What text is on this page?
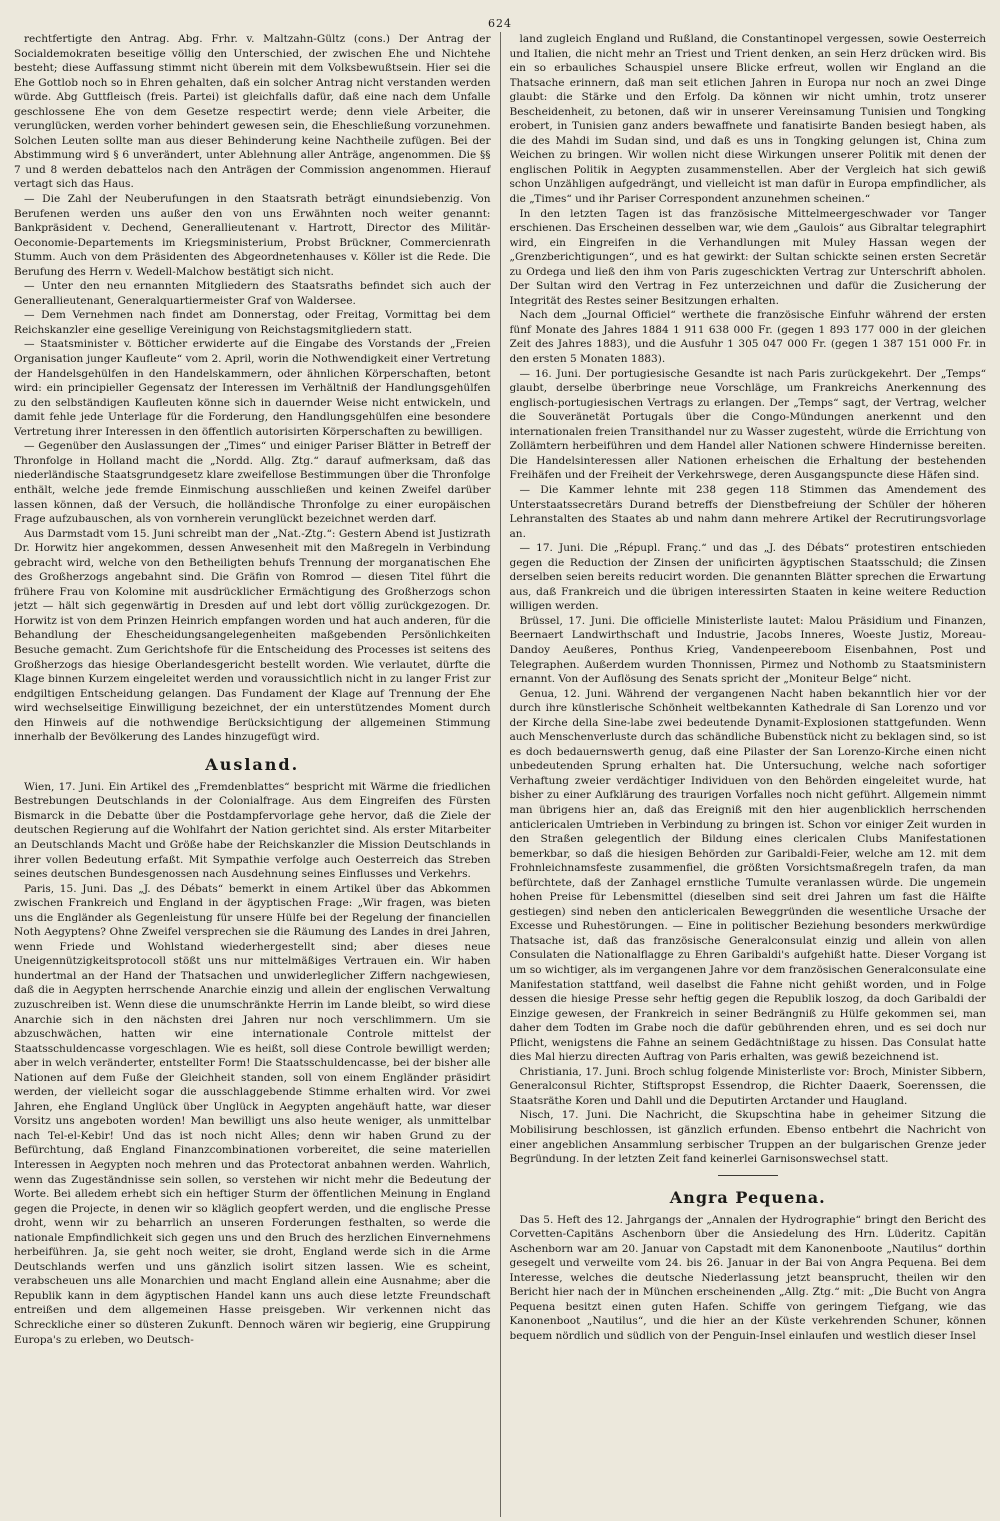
624

rechtfertigte den Antrag. Abg. Frhr. v. Maltzahn-Gültz (cons.) Der Antrag der Socialdemokraten beseitige völlig den Unterschied, der zwischen Ehe und Nichtehe besteht; diese Auffassung stimmt nicht überein mit dem Volksbewußtsein. Hier sei die Ehe Gottlob noch so in Ehren gehalten, daß ein solcher Antrag nicht verstanden werden würde. Abg Guttfleisch (freis. Partei) ist gleichfalls dafür, daß eine nach dem Unfalle geschlossene Ehe von dem Gesetze respectirt werde; denn viele Arbeiter, die verunglücken, werden vorher behindert gewesen sein, die Eheschließung vorzunehmen. Solchen Leuten sollte man aus dieser Behinderung keine Nachtheile zufügen. Bei der Abstimmung wird § 6 unverändert, unter Ablehnung aller Anträge, angenommen. Die §§ 7 und 8 werden debattelos nach den Anträgen der Commission angenommen. Hierauf vertagt sich das Haus.

— Die Zahl der Neuberufungen in den Staatsrath beträgt einundsiebenzig. Von Berufenen werden uns außer den von uns Erwähnten noch weiter genannt: Bankpräsident v. Dechend, Generallieutenant v. Hartrott, Director des Militär-Oeconomie-Departements im Kriegsministerium, Probst Brückner, Commercienrath Stumm. Auch von dem Präsidenten des Abgeordnetenhauses v. Köller ist die Rede. Die Berufung des Herrn v. Wedell-Malchow bestätigt sich nicht.

— Unter den neu ernannten Mitgliedern des Staatsraths befindet sich auch der Generallieutenant, Generalquartiermeister Graf von Waldersee.

— Dem Vernehmen nach findet am Donnerstag, oder Freitag, Vormittag bei dem Reichskanzler eine gesellige Vereinigung von Reichstagsmitgliedern statt.

— Staatsminister v. Bötticher erwiderte auf die Eingabe des Vorstands der „Freien Organisation junger Kaufleute“ vom 2. April, worin die Nothwendigkeit einer Vertretung der Handelsgehülfen in den Handelskammern, oder ähnlichen Körperschaften, betont wird: ein principieller Gegensatz der Interessen im Verhältniß der Handlungsgehülfen zu den selbständigen Kaufleuten könne sich in dauernder Weise nicht entwickeln, und damit fehle jede Unterlage für die Forderung, den Handlungsgehülfen eine besondere Vertretung ihrer Interessen in den öffentlich autorisirten Körperschaften zu bewilligen.

— Gegenüber den Auslassungen der „Times“ und einiger Pariser Blätter in Betreff der Thronfolge in Holland macht die „Nordd. Allg. Ztg.“ darauf aufmerksam, daß das niederländische Staatsgrundgesetz klare zweifellose Bestimmungen über die Thronfolge enthält, welche jede fremde Einmischung ausschließen und keinen Zweifel darüber lassen können, daß der Versuch, die holländische Thronfolge zu einer europäischen Frage aufzubauschen, als von vornherein verunglückt bezeichnet werden darf.

Aus Darmstadt vom 15. Juni schreibt man der „Nat.-Ztg.“: Gestern Abend ist Justizrath Dr. Horwitz hier angekommen, dessen Anwesenheit mit den Maßregeln in Verbindung gebracht wird, welche von den Betheiligten behufs Trennung der morganatischen Ehe des Großherzogs angebahnt sind. Die Gräfin von Romrod — diesen Titel führt die frühere Frau von Kolomine mit ausdrücklicher Ermächtigung des Großherzogs schon jetzt — hält sich gegenwärtig in Dresden auf und lebt dort völlig zurückgezogen. Dr. Horwitz ist von dem Prinzen Heinrich empfangen worden und hat auch anderen, für die Behandlung der Ehescheidungsangelegenheiten maßgebenden Persönlichkeiten Besuche gemacht. Zum Gerichtshofe für die Entscheidung des Processes ist seitens des Großherzogs das hiesige Oberlandesgericht bestellt worden. Wie verlautet, dürfte die Klage binnen Kurzem eingeleitet werden und voraussichtlich nicht in zu langer Frist zur endgiltigen Entscheidung gelangen. Das Fundament der Klage auf Trennung der Ehe wird wechselseitige Einwilligung bezeichnet, der ein unterstützendes Moment durch den Hinweis auf die nothwendige Berücksichtigung der allgemeinen Stimmung innerhalb der Bevölkerung des Landes hinzugefügt wird.

Ausland.

Wien, 17. Juni. Ein Artikel des „Fremdenblattes“ bespricht mit Wärme die friedlichen Bestrebungen Deutschlands in der Colonialfrage. Aus dem Eingreifen des Fürsten Bismarck in die Debatte über die Postdampfervorlage gehe hervor, daß die Ziele der deutschen Regierung auf die Wohlfahrt der Nation gerichtet sind. Als erster Mitarbeiter an Deutschlands Macht und Größe habe der Reichskanzler die Mission Deutschlands in ihrer vollen Bedeutung erfaßt. Mit Sympathie verfolge auch Oesterreich das Streben seines deutschen Bundesgenossen nach Ausdehnung seines Einflusses und Verkehrs.

Paris, 15. Juni. Das „J. des Débats“ bemerkt in einem Artikel über das Abkommen zwischen Frankreich und England in der ägyptischen Frage: „Wir fragen, was bieten uns die Engländer als Gegenleistung für unsere Hülfe bei der Regelung der financiellen Noth Aegyptens? Ohne Zweifel versprechen sie die Räumung des Landes in drei Jahren, wenn Friede und Wohlstand wiederhergestellt sind; aber dieses neue Uneigennützigkeitsprotocoll stößt uns nur mittelmäßiges Vertrauen ein. Wir haben hundertmal an der Hand der Thatsachen und unwiderleglicher Ziffern nachgewiesen, daß die in Aegypten herrschende Anarchie einzig und allein der englischen Verwaltung zuzuschreiben ist. Wenn diese die unumschränkte Herrin im Lande bleibt, so wird diese Anarchie sich in den nächsten drei Jahren nur noch verschlimmern. Um sie abzuschwächen, hatten wir eine internationale Controle mittelst der Staatsschuldencasse vorgeschlagen. Wie es heißt, soll diese Controle bewilligt werden; aber in welch veränderter, entstellter Form! Die Staatsschuldencasse, bei der bisher alle Nationen auf dem Fuße der Gleichheit standen, soll von einem Engländer präsidirt werden, der vielleicht sogar die ausschlaggebende Stimme erhalten wird. Vor zwei Jahren, ehe England Unglück über Unglück in Aegypten angehäuft hatte, war dieser Vorsitz uns angeboten worden! Man bewilligt uns also heute weniger, als unmittelbar nach Tel-el-Kebir! Und das ist noch nicht Alles; denn wir haben Grund zu der Befürchtung, daß England Finanzcombinationen vorbereitet, die seine materiellen Interessen in Aegypten noch mehren und das Protectorat anbahnen werden. Wahrlich, wenn das Zugeständnisse sein sollen, so verstehen wir nicht mehr die Bedeutung der Worte. Bei alledem erhebt sich ein heftiger Sturm der öffentlichen Meinung in England gegen die Projecte, in denen wir so kläglich geopfert werden, und die englische Presse droht, wenn wir zu beharrlich an unseren Forderungen festhalten, so werde die nationale Empfindlichkeit sich gegen uns und den Bruch des herzlichen Einvernehmens herbeiführen. Ja, sie geht noch weiter, sie droht, England werde sich in die Arme Deutschlands werfen und uns gänzlich isolirt sitzen lassen. Wie es scheint, verabscheuen uns alle Monarchien und macht England allein eine Ausnahme; aber die Republik kann in dem ägyptischen Handel kann uns auch diese letzte Freundschaft entreißen und dem allgemeinen Hasse preisgeben. Wir verkennen nicht das Schreckliche einer so düsteren Zukunft. Dennoch wären wir begierig, eine Gruppirung Europa's zu erleben, wo Deutsch-

land zugleich England und Rußland, die Constantinopel vergessen, sowie Oesterreich und Italien, die nicht mehr an Triest und Trient denken, an sein Herz drücken wird. Bis ein so erbauliches Schauspiel unsere Blicke erfreut, wollen wir England an die Thatsache erinnern, daß man seit etlichen Jahren in Europa nur noch an zwei Dinge glaubt: die Stärke und den Erfolg. Da können wir nicht umhin, trotz unserer Bescheidenheit, zu betonen, daß wir in unserer Vereinsamung Tunisien und Tongking erobert, in Tunisien ganz anders bewaffnete und fanatisirte Banden besiegt haben, als die des Mahdi im Sudan sind, und daß es uns in Tongking gelungen ist, China zum Weichen zu bringen. Wir wollen nicht diese Wirkungen unserer Politik mit denen der englischen Politik in Aegypten zusammenstellen. Aber der Vergleich hat sich gewiß schon Unzähligen aufgedrängt, und vielleicht ist man dafür in Europa empfindlicher, als die „Times“ und ihr Pariser Correspondent anzunehmen scheinen.“

In den letzten Tagen ist das französische Mittelmeergeschwader vor Tanger erschienen. Das Erscheinen desselben war, wie dem „Gaulois“ aus Gibraltar telegraphirt wird, ein Eingreifen in die Verhandlungen mit Muley Hassan wegen der „Grenzberichtigungen“, und es hat gewirkt: der Sultan schickte seinen ersten Secretär zu Ordega und ließ den ihm von Paris zugeschickten Vertrag zur Unterschrift abholen. Der Sultan wird den Vertrag in Fez unterzeichnen und dafür die Zusicherung der Integrität des Restes seiner Besitzungen erhalten.

Nach dem „Journal Officiel“ werthete die französische Einfuhr während der ersten fünf Monate des Jahres 1884 1 911 638 000 Fr. (gegen 1 893 177 000 in der gleichen Zeit des Jahres 1883), und die Ausfuhr 1 305 047 000 Fr. (gegen 1 387 151 000 Fr. in den ersten 5 Monaten 1883).

— 16. Juni. Der portugiesische Gesandte ist nach Paris zurückgekehrt. Der „Temps“ glaubt, derselbe überbringe neue Vorschläge, um Frankreichs Anerkennung des englisch-portugiesischen Vertrags zu erlangen. Der „Temps“ sagt, der Vertrag, welcher die Souveränetät Portugals über die Congo-Mündungen anerkennt und den internationalen freien Transithandel nur zu Wasser zugesteht, würde die Errichtung von Zollämtern herbeiführen und dem Handel aller Nationen schwere Hindernisse bereiten. Die Handelsinteressen aller Nationen erheischen die Erhaltung der bestehenden Freihäfen und der Freiheit der Verkehrswege, deren Ausgangspuncte diese Häfen sind.

— Die Kammer lehnte mit 238 gegen 118 Stimmen das Amendement des Unterstaatssecretärs Durand betreffs der Dienstbefreiung der Schüler der höheren Lehranstalten des Staates ab und nahm dann mehrere Artikel der Recrutirungsvorlage an.

— 17. Juni. Die „Répupl. Franç.“ und das „J. des Débats“ protestiren entschieden gegen die Reduction der Zinsen der unificirten ägyptischen Staatsschuld; die Zinsen derselben seien bereits reducirt worden. Die genannten Blätter sprechen die Erwartung aus, daß Frankreich und die übrigen interessirten Staaten in keine weitere Reduction willigen werden.

Brüssel, 17. Juni. Die officielle Ministerliste lautet: Malou Präsidium und Finanzen, Beernaert Landwirthschaft und Industrie, Jacobs Inneres, Woeste Justiz, Moreau-Dandoy Aeußeres, Ponthus Krieg, Vandenpeereboom Eisenbahnen, Post und Telegraphen. Außerdem wurden Thonnissen, Pirmez und Nothomb zu Staatsministern ernannt. Von der Auflösung des Senats spricht der „Moniteur Belge“ nicht.

Genua, 12. Juni. Während der vergangenen Nacht haben bekanntlich hier vor der durch ihre künstlerische Schönheit weltbekannten Kathedrale di San Lorenzo und vor der Kirche della Sine-labe zwei bedeutende Dynamit-Explosionen stattgefunden. Wenn auch Menschenverluste durch das schändliche Bubenstück nicht zu beklagen sind, so ist es doch bedauernswerth genug, daß eine Pilaster der San Lorenzo-Kirche einen nicht unbedeutenden Sprung erhalten hat. Die Untersuchung, welche nach sofortiger Verhaftung zweier verdächtiger Individuen von den Behörden eingeleitet wurde, hat bisher zu einer Aufklärung des traurigen Vorfalles noch nicht geführt. Allgemein nimmt man übrigens hier an, daß das Ereigniß mit den hier augenblicklich herrschenden anticlericalen Umtrieben in Verbindung zu bringen ist. Schon vor einiger Zeit wurden in den Straßen gelegentlich der Bildung eines clericalen Clubs Manifestationen bemerkbar, so daß die hiesigen Behörden zur Garibaldi-Feier, welche am 12. mit dem Frohnleichnamsfeste zusammenfiel, die größten Vorsichtsmaßregeln trafen, da man befürchtete, daß der Zanhagel ernstliche Tumulte veranlassen würde. Die ungemein hohen Preise für Lebensmittel (dieselben sind seit drei Jahren um fast die Hälfte gestiegen) sind neben den anticlericalen Beweggründen die wesentliche Ursache der Excesse und Ruhestörungen. — Eine in politischer Beziehung besonders merkwürdige Thatsache ist, daß das französische Generalconsulat einzig und allein von allen Consulaten die Nationalflagge zu Ehren Garibaldi's aufgehißt hatte. Dieser Vorgang ist um so wichtiger, als im vergangenen Jahre vor dem französischen Generalconsulate eine Manifestation stattfand, weil daselbst die Fahne nicht gehißt worden, und in Folge dessen die hiesige Presse sehr heftig gegen die Republik loszog, da doch Garibaldi der Einzige gewesen, der Frankreich in seiner Bedrängniß zu Hülfe gekommen sei, man daher dem Todten im Grabe noch die dafür gebührenden ehren, und es sei doch nur Pflicht, wenigstens die Fahne an seinem Gedächtnißtage zu hissen. Das Consulat hatte dies Mal hierzu directen Auftrag von Paris erhalten, was gewiß bezeichnend ist.

Christiania, 17. Juni. Broch schlug folgende Ministerliste vor: Broch, Minister Sibbern, Generalconsul Richter, Stiftspropst Essendrop, die Richter Daaerk, Soerenssen, die Staatsräthe Koren und Dahll und die Deputirten Arctander und Haugland.

Nisch, 17. Juni. Die Nachricht, die Skupschtina habe in geheimer Sitzung die Mobilisirung beschlossen, ist gänzlich erfunden. Ebenso entbehrt die Nachricht von einer angeblichen Ansammlung serbischer Truppen an der bulgarischen Grenze jeder Begründung. In der letzten Zeit fand keinerlei Garnisonswechsel statt.

Angra Pequena.

Das 5. Heft des 12. Jahrgangs der „Annalen der Hydrographie“ bringt den Bericht des Corvetten-Capitäns Aschenborn über die Ansiedelung des Hrn. Lüderitz. Capitän Aschenborn war am 20. Januar von Capstadt mit dem Kanonenboote „Nautilus“ dorthin gesegelt und verweilte vom 24. bis 26. Januar in der Bai von Angra Pequena. Bei dem Interesse, welches die deutsche Niederlassung jetzt beansprucht, theilen wir den Bericht hier nach der in München erscheinenden „Allg. Ztg.“ mit: „Die Bucht von Angra Pequena besitzt einen guten Hafen. Schiffe von geringem Tiefgang, wie das Kanonenboot „Nautilus“, und die hier an der Küste verkehrenden Schuner, können bequem nördlich und südlich von der Penguin-Insel einlaufen und westlich dieser Insel
